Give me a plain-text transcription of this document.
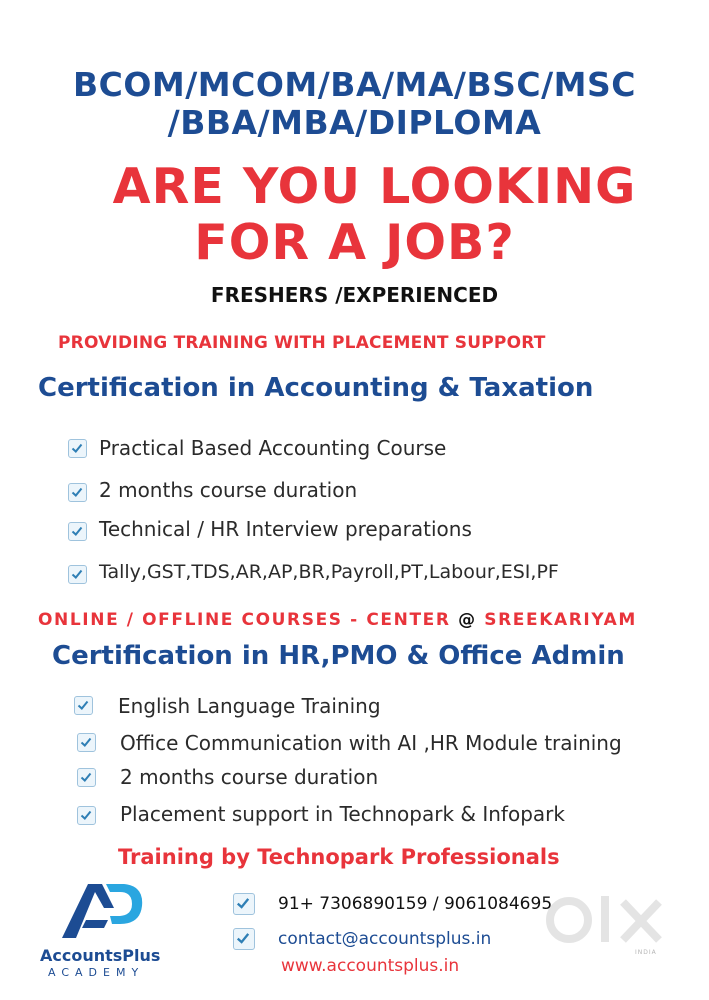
BCOM/MCOM/BA/MA/BSC/MSC
/BBA/MBA/DIPLOMA
ARE YOU LOOKING
FOR A JOB?
FRESHERS /EXPERIENCED
PROVIDING TRAINING WITH PLACEMENT SUPPORT
Certification in Accounting & Taxation
Practical Based Accounting Course
2 months course duration
Technical / HR Interview preparations
Tally,GST,TDS,AR,AP,BR,Payroll,PT,Labour,ESI,PF
ONLINE / OFFLINE COURSES - CENTER @ SREEKARIYAM
Certification in HR,PMO & Office Admin
English Language Training
Office Communication with AI ,HR Module training
2 months course duration
Placement support in Technopark & Infopark
Training by Technopark Professionals
AccountsPlus
ACADEMY
91+ 7306890159 / 9061084695
contact@accountsplus.in
www.accountsplus.in
INDIA
